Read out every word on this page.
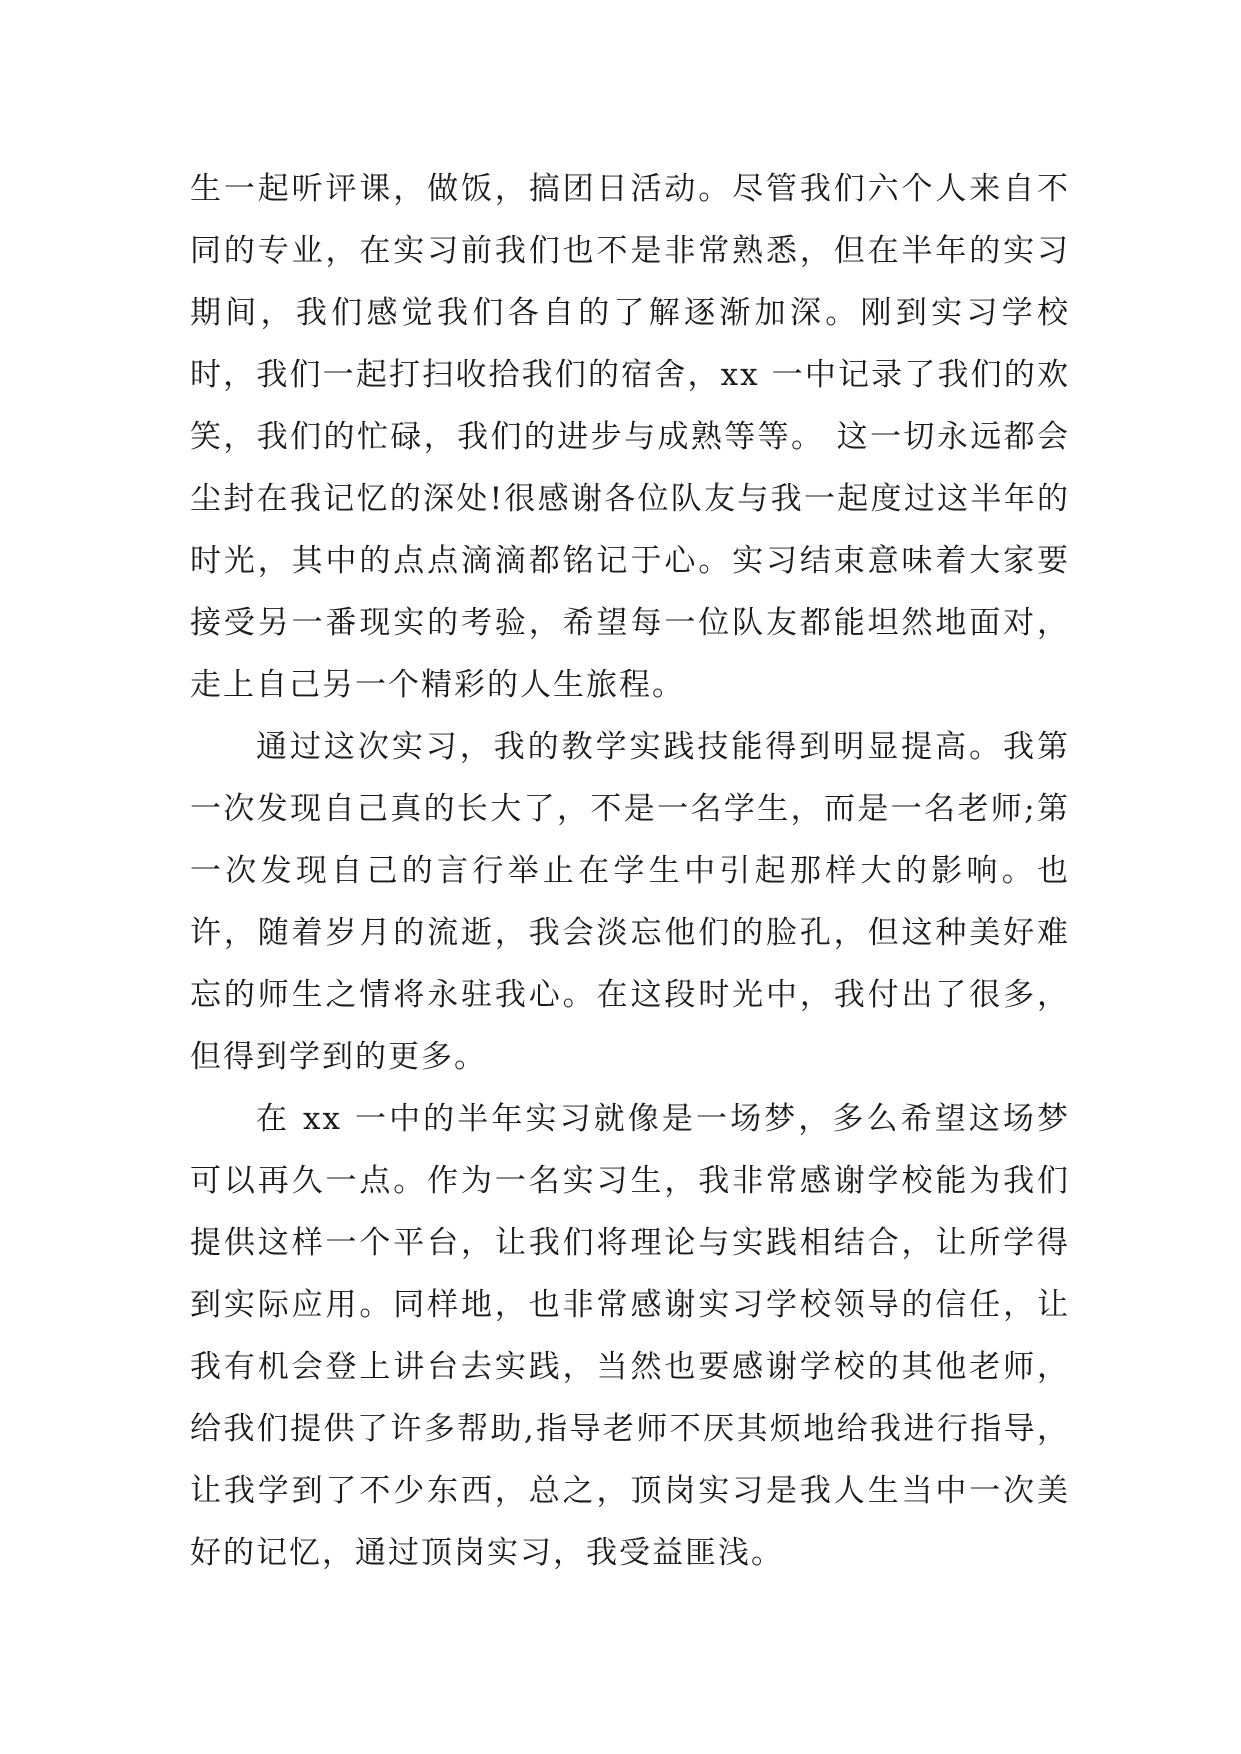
生一起听评课，做饭，搞团日活动。尽管我们六个人来自不同的专业，在实习前我们也不是非常熟悉，但在半年的实习期间，我们感觉我们各自的了解逐渐加深。刚到实习学校时，我们一起打扫收拾我们的宿舍，xx 一中记录了我们的欢笑，我们的忙碌，我们的进步与成熟等等。 这一切永远都会尘封在我记忆的深处!很感谢各位队友与我一起度过这半年的时光，其中的点点滴滴都铭记于心。实习结束意味着大家要接受另一番现实的考验，希望每一位队友都能坦然地面对，走上自己另一个精彩的人生旅程。

通过这次实习，我的教学实践技能得到明显提高。我第一次发现自己真的长大了，不是一名学生，而是一名老师;第一次发现自己的言行举止在学生中引起那样大的影响。也许，随着岁月的流逝，我会淡忘他们的脸孔，但这种美好难忘的师生之情将永驻我心。在这段时光中，我付出了很多，但得到学到的更多。

在 xx 一中的半年实习就像是一场梦，多么希望这场梦可以再久一点。作为一名实习生，我非常感谢学校能为我们提供这样一个平台，让我们将理论与实践相结合，让所学得到实际应用。同样地，也非常感谢实习学校领导的信任，让我有机会登上讲台去实践，当然也要感谢学校的其他老师，给我们提供了许多帮助,指导老师不厌其烦地给我进行指导，让我学到了不少东西，总之，顶岗实习是我人生当中一次美好的记忆，通过顶岗实习，我受益匪浅。
